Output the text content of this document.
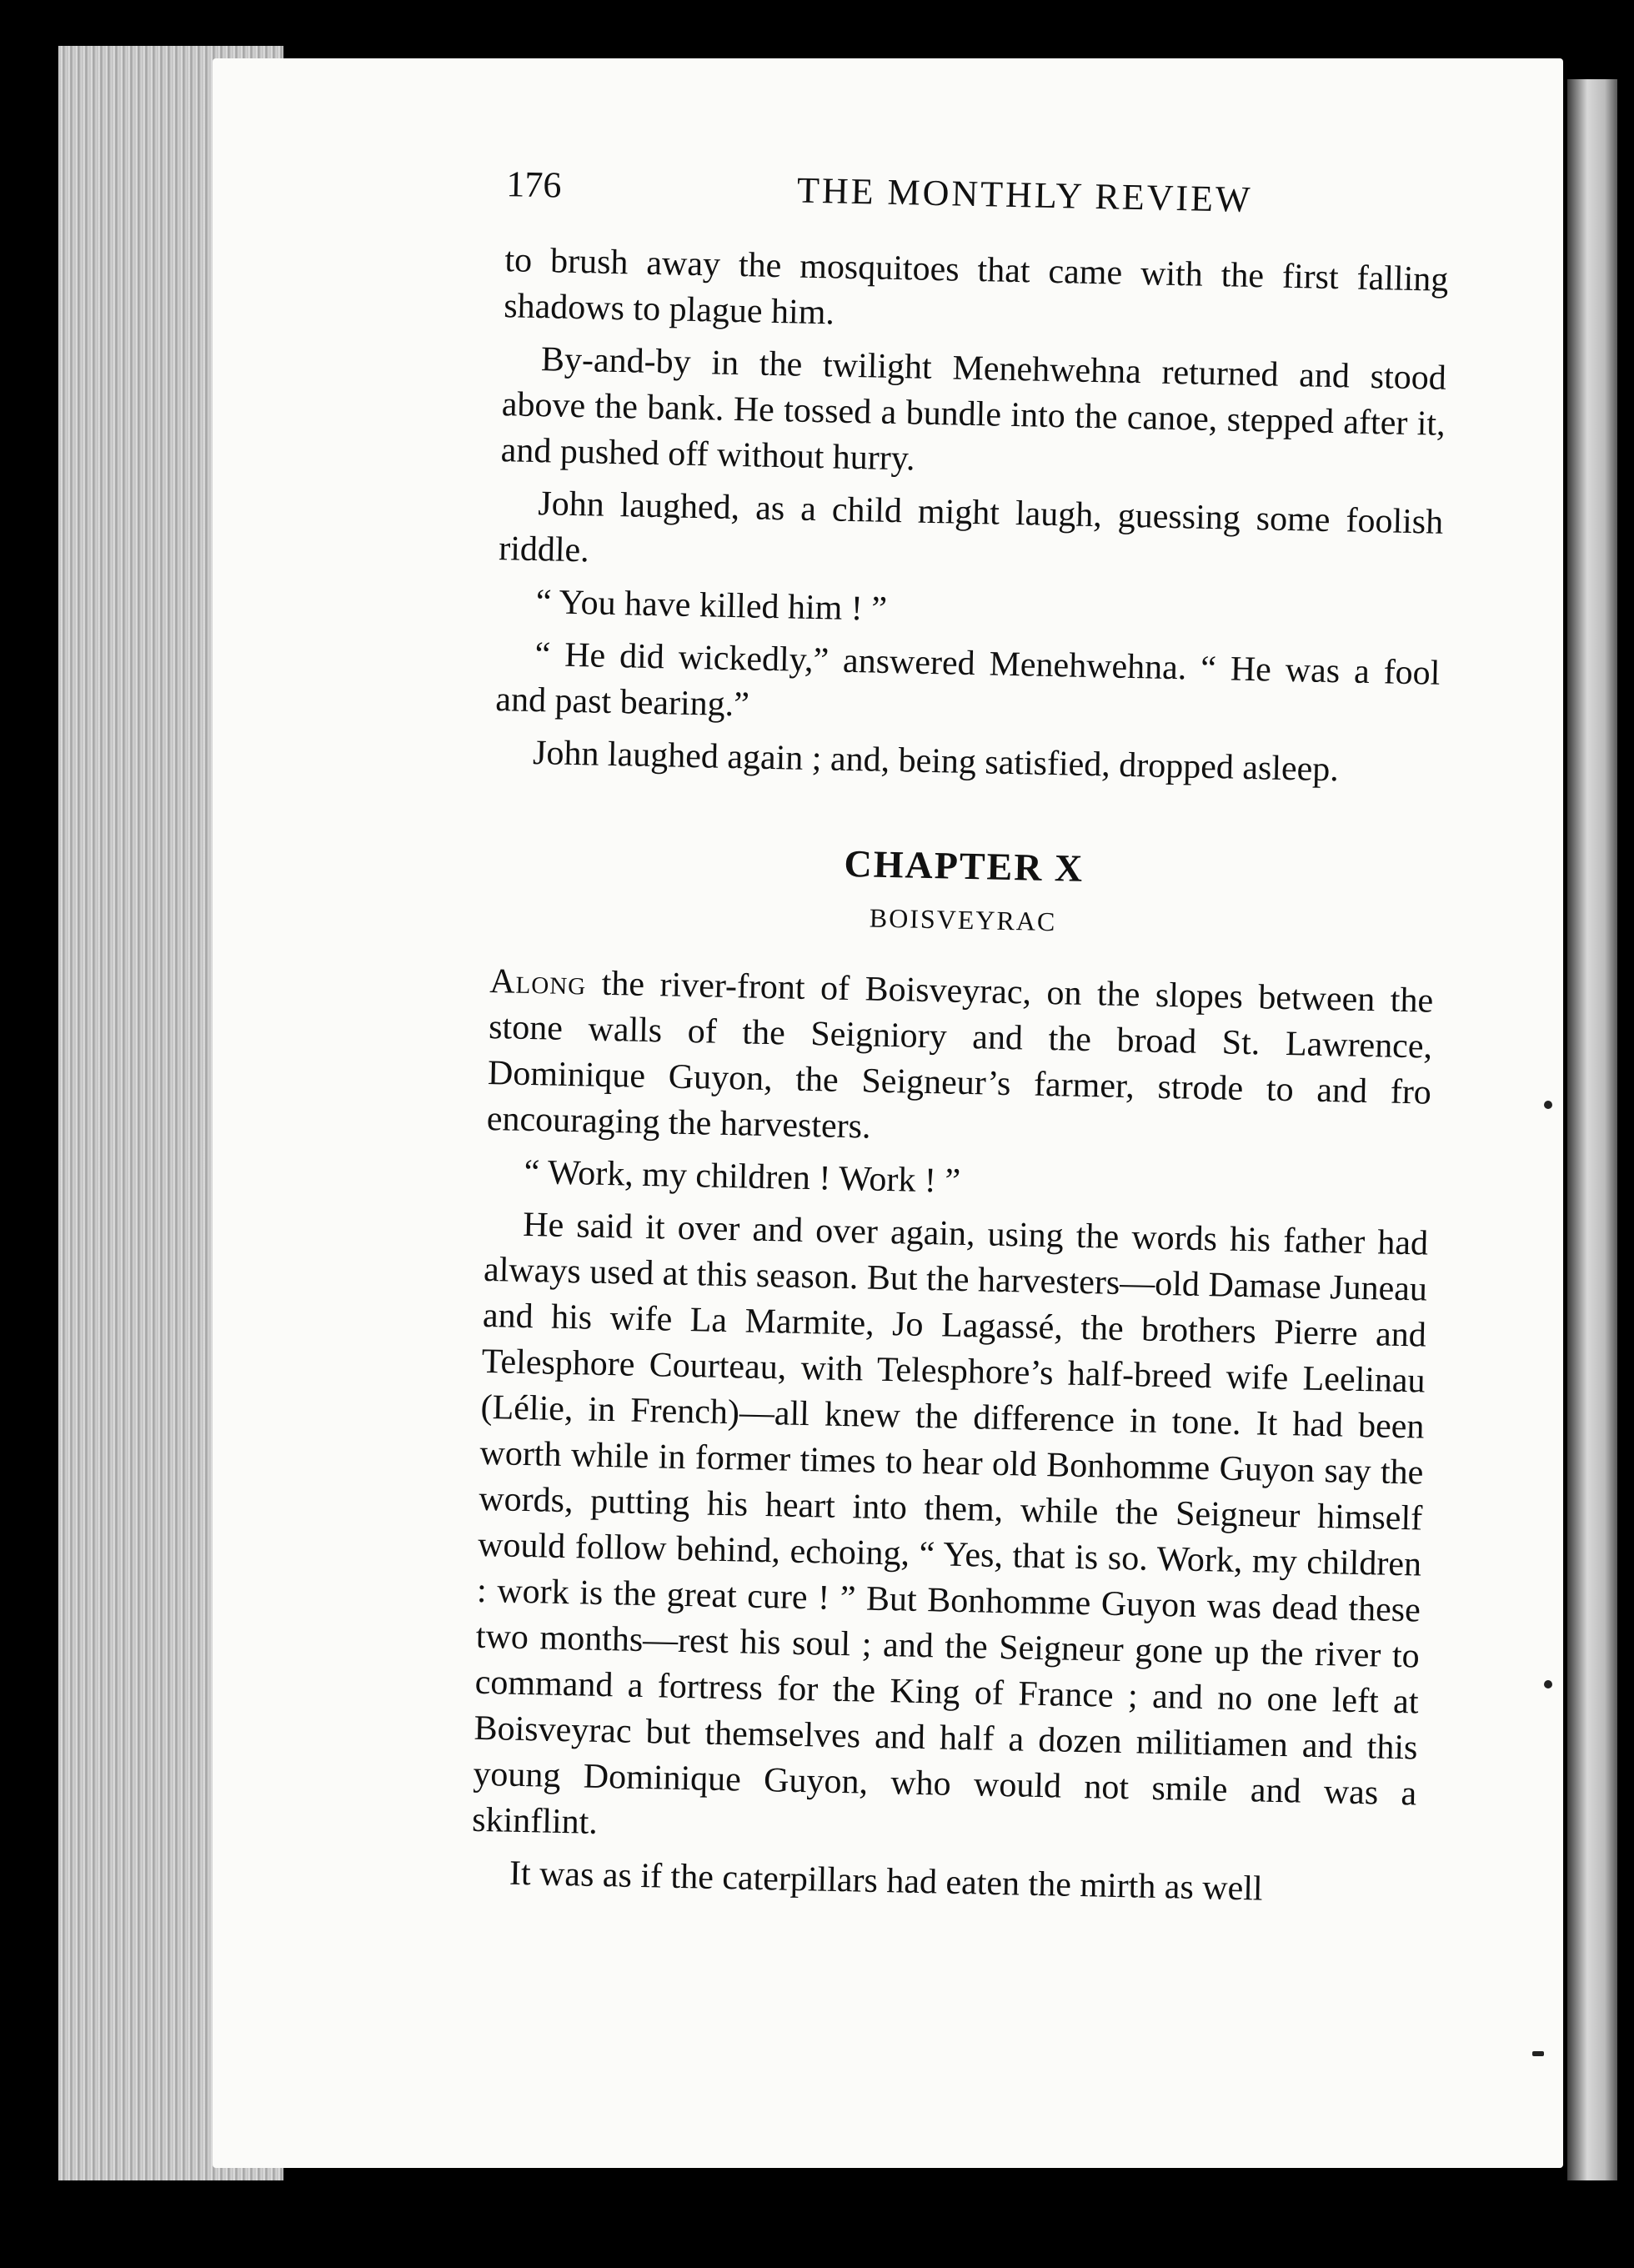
176	THE MONTHLY REVIEW

to brush away the mosquitoes that came with the first falling shadows to plague him.

By-and-by in the twilight Menehwehna returned and stood above the bank. He tossed a bundle into the canoe, stepped after it, and pushed off without hurry.

John laughed, as a child might laugh, guessing some foolish riddle.

“ You have killed him ! ”

“ He did wickedly,” answered Menehwehna. “ He was a fool and past bearing.”

John laughed again ; and, being satisfied, dropped asleep.

CHAPTER X
BOISVEYRAC

Along the river-front of Boisveyrac, on the slopes between the stone walls of the Seigniory and the broad St. Lawrence, Dominique Guyon, the Seigneur’s farmer, strode to and fro encouraging the harvesters.

“ Work, my children ! Work ! ”

He said it over and over again, using the words his father had always used at this season. But the harvesters—old Damase Juneau and his wife La Marmite, Jo Lagassé, the brothers Pierre and Telesphore Courteau, with Telesphore’s half-breed wife Leelinau (Lélie, in French)—all knew the difference in tone. It had been worth while in former times to hear old Bonhomme Guyon say the words, putting his heart into them, while the Seigneur himself would follow behind, echoing, “ Yes, that is so. Work, my children : work is the great cure ! ” But Bonhomme Guyon was dead these two months—rest his soul ; and the Seigneur gone up the river to command a fortress for the King of France ; and no one left at Boisveyrac but themselves and half a dozen militiamen and this young Dominique Guyon, who would not smile and was a skinflint.

It was as if the caterpillars had eaten the mirth as well
